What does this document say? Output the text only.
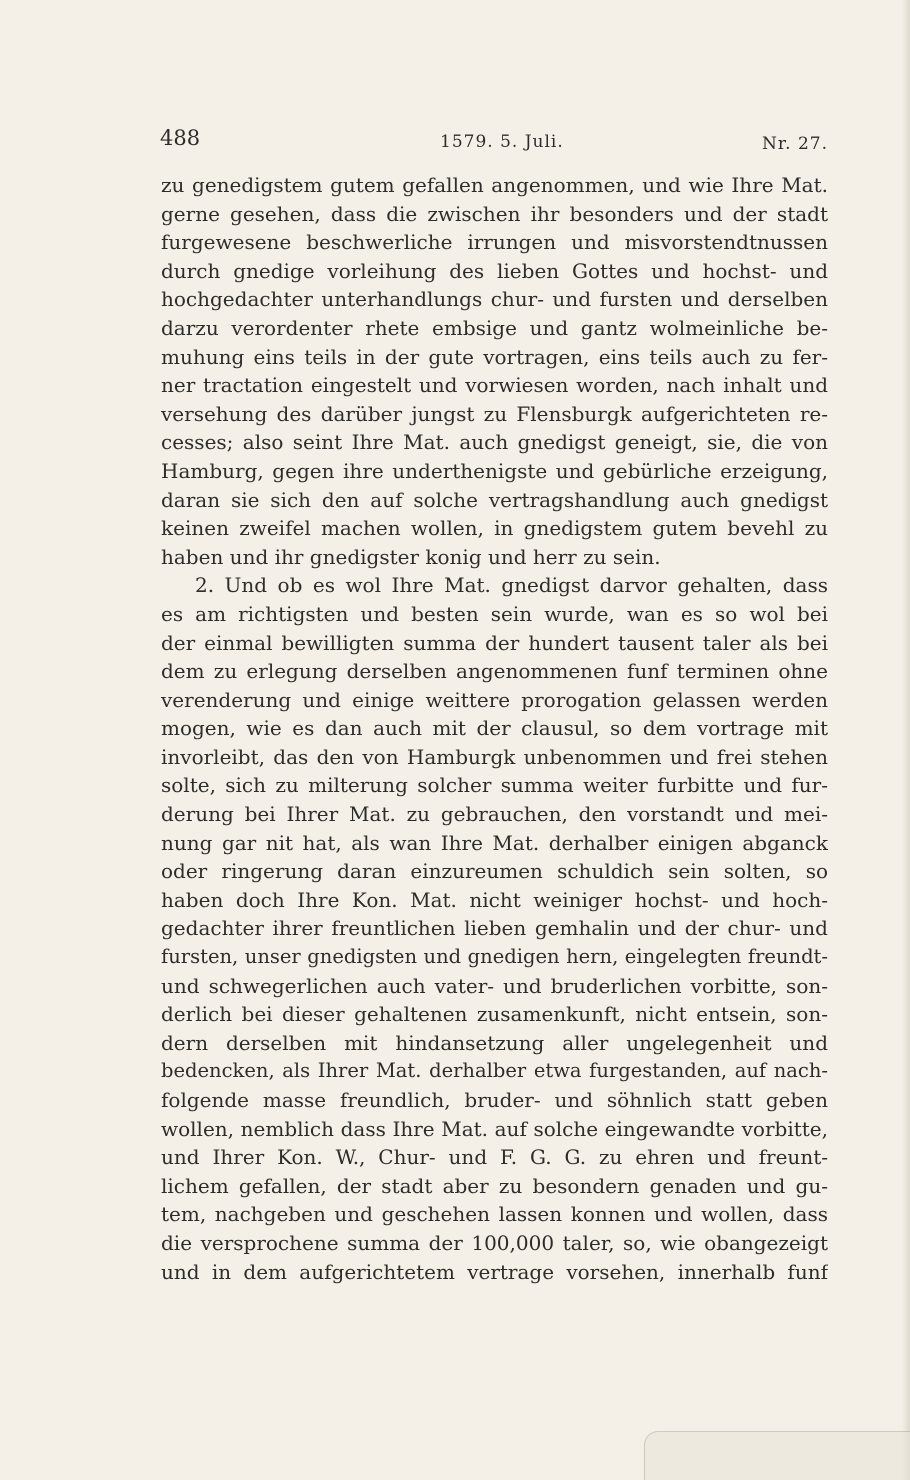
488	1579. 5. Juli.	Nr. 27.
zu genedigstem gutem gefallen angenommen, und wie Ihre Mat.
gerne gesehen, dass die zwischen ihr besonders und der stadt
furgewesene beschwerliche irrungen und misvorstendtnussen
durch gnedige vorleihung des lieben Gottes und hochst- und
hochgedachter unterhandlungs chur- und fursten und derselben
darzu verordenter rhete embsige und gantz wolmeinliche be-
muhung eins teils in der gute vortragen, eins teils auch zu fer-
ner tractation eingestelt und vorwiesen worden, nach inhalt und
versehung des darüber jungst zu Flensburgk aufgerichteten re-
cesses; also seint Ihre Mat. auch gnedigst geneigt, sie, die von
Hamburg, gegen ihre underthenigste und gebürliche erzeigung,
daran sie sich den auf solche vertragshandlung auch gnedigst
keinen zweifel machen wollen, in gnedigstem gutem bevehl zu
haben und ihr gnedigster konig und herr zu sein.
2. Und ob es wol Ihre Mat. gnedigst darvor gehalten, dass
es am richtigsten und besten sein wurde, wan es so wol bei
der einmal bewilligten summa der hundert tausent taler als bei
dem zu erlegung derselben angenommenen funf terminen ohne
verenderung und einige weittere prorogation gelassen werden
mogen, wie es dan auch mit der clausul, so dem vortrage mit
invorleibt, das den von Hamburgk unbenommen und frei stehen
solte, sich zu milterung solcher summa weiter furbitte und fur-
derung bei Ihrer Mat. zu gebrauchen, den vorstandt und mei-
nung gar nit hat, als wan Ihre Mat. derhalber einigen abganck
oder ringerung daran einzureumen schuldich sein solten, so
haben doch Ihre Kon. Mat. nicht weiniger hochst- und hoch-
gedachter ihrer freuntlichen lieben gemhalin und der chur- und
fursten, unser gnedigsten und gnedigen hern, eingelegten freundt-
und schwegerlichen auch vater- und bruderlichen vorbitte, son-
derlich bei dieser gehaltenen zusamenkunft, nicht entsein, son-
dern derselben mit hindansetzung aller ungelegenheit und
bedencken, als Ihrer Mat. derhalber etwa furgestanden, auf nach-
folgende masse freundlich, bruder- und söhnlich statt geben
wollen, nemblich dass Ihre Mat. auf solche eingewandte vorbitte,
und Ihrer Kon. W., Chur- und F. G. G. zu ehren und freunt-
lichem gefallen, der stadt aber zu besondern genaden und gu-
tem, nachgeben und geschehen lassen konnen und wollen, dass
die versprochene summa der 100,000 taler, so, wie obangezeigt
und in dem aufgerichtetem vertrage vorsehen, innerhalb funf
